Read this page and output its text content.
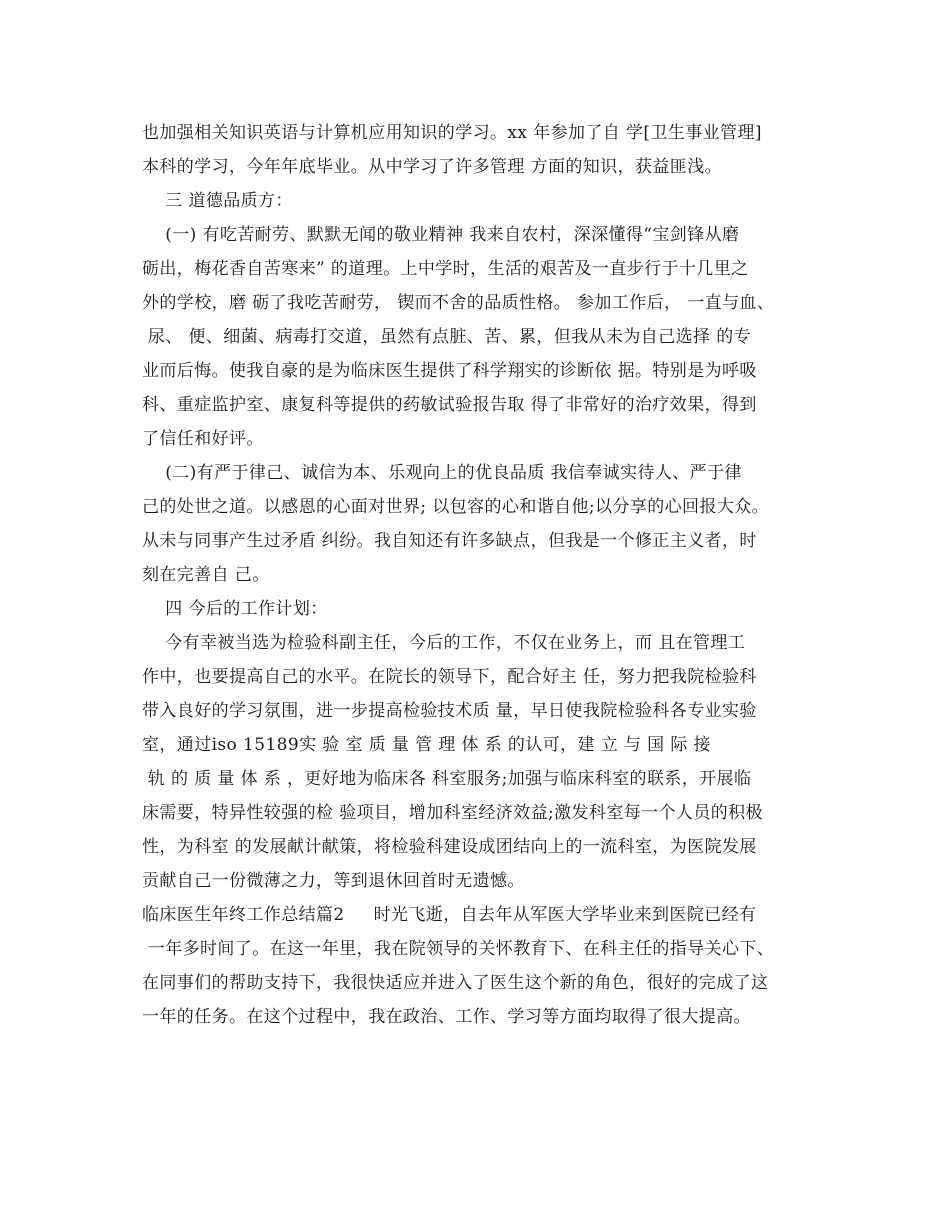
也加强相关知识英语与计算机应用知识的学习。xx 年参加了自 学[卫生事业管理]
本科的学习，今年年底毕业。从中学习了许多管理 方面的知识，获益匪浅。
三 道德品质方：
(一) 有吃苦耐劳、默默无闻的敬业精神 我来自农村，深深懂得“宝剑锋从磨
砺出，梅花香自苦寒来” 的道理。上中学时，生活的艰苦及一直步行于十几里之
外的学校，磨 砺了我吃苦耐劳， 锲而不舍的品质性格。 参加工作后， 一直与血、
尿、 便、细菌、病毒打交道，虽然有点脏、苦、累，但我从未为自己选择 的专
业而后悔。使我自豪的是为临床医生提供了科学翔实的诊断依 据。特别是为呼吸
科、重症监护室、康复科等提供的药敏试验报告取 得了非常好的治疗效果，得到
了信任和好评。
(二)有严于律己、诚信为本、乐观向上的优良品质 我信奉诚实待人、严于律
己的处世之道。以感恩的心面对世界; 以包容的心和谐自他;以分享的心回报大众。
从未与同事产生过矛盾 纠纷。我自知还有许多缺点，但我是一个修正主义者，时
刻在完善自 己。
四 今后的工作计划：
今有幸被当选为检验科副主任，今后的工作，不仅在业务上，而 且在管理工
作中，也要提高自己的水平。在院长的领导下，配合好主 任，努力把我院检验科
带入良好的学习氛围，进一步提高检验技术质 量，早日使我院检验科各专业实验
室，通过iso 15189实 验 室 质 量 管 理 体 系 的认可，建 立 与 国 际 接
轨 的 质 量 体 系 ，更好地为临床各 科室服务;加强与临床科室的联系，开展临
床需要，特异性较强的检 验项目，增加科室经济效益;激发科室每一个人员的积极
性，为科室 的发展献计献策，将检验科建设成团结向上的一流科室，为医院发展
贡献自己一份微薄之力，等到退休回首时无遗憾。
临床医生年终工作总结篇2     时光飞逝，自去年从军医大学毕业来到医院已经有
一年多时间了。在这一年里，我在院领导的关怀教育下、在科主任的指导关心下、
在同事们的帮助支持下，我很快适应并进入了医生这个新的角色，很好的完成了这
一年的任务。在这个过程中，我在政治、工作、学习等方面均取得了很大提高。
